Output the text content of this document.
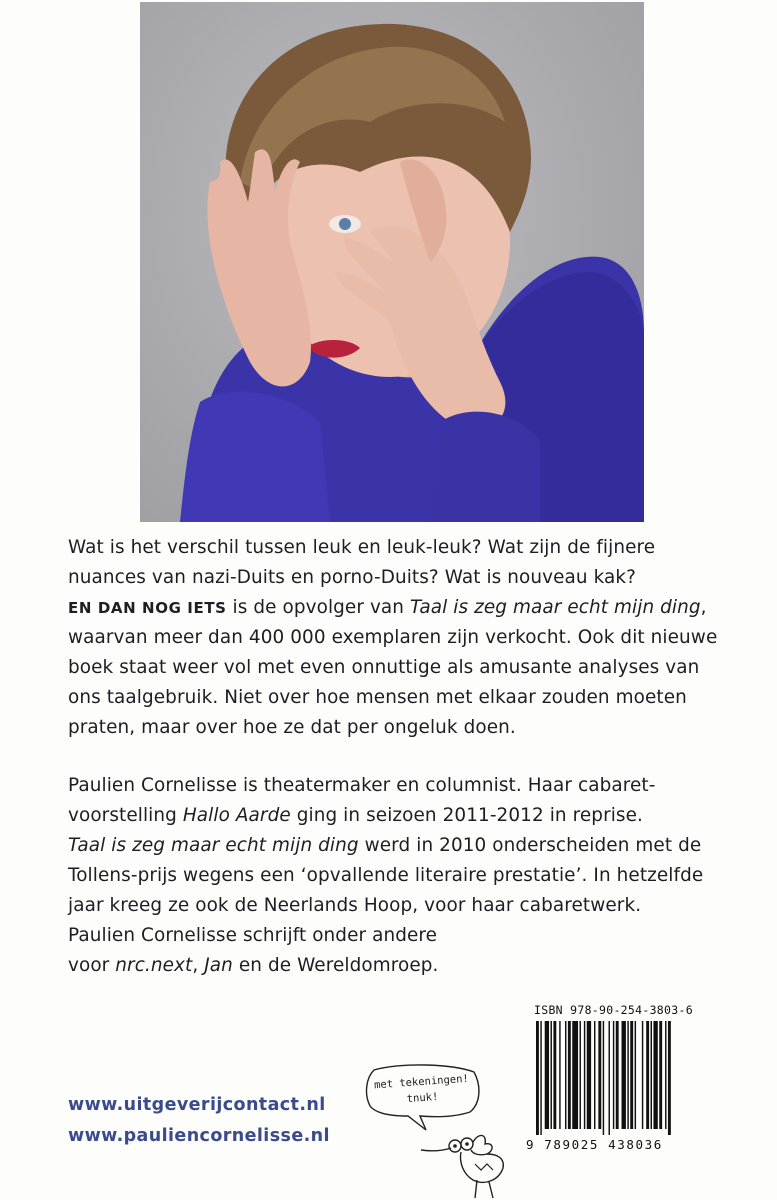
Wat is het verschil tussen leuk en leuk-leuk? Wat zijn de fijnere nuances van nazi-Duits en porno-Duits? Wat is nouveau kak?
EN DAN NOG IETS is de opvolger van Taal is zeg maar echt mijn ding, waarvan meer dan 400 000 exemplaren zijn verkocht. Ook dit nieuwe boek staat weer vol met even onnuttige als amusante analyses van ons taalgebruik. Niet over hoe mensen met elkaar zouden moeten praten, maar over hoe ze dat per ongeluk doen.

Paulien Cornelisse is theatermaker en columnist. Haar cabaret-voorstelling Hallo Aarde ging in seizoen 2011-2012 in reprise.
Taal is zeg maar echt mijn ding werd in 2010 onderscheiden met de Tollens-prijs wegens een ‘opvallende literaire prestatie’. In hetzelfde jaar kreeg ze ook de Neerlands Hoop, voor haar cabaretwerk.

Paulien Cornelisse schrijft onder andere
voor nrc.next, Jan en de Wereldomroep.

www.uitgeverijcontact.nl
www.pauliencornelisse.nl
met tekeningen!
tnuk!
ISBN 978-90-254-3803-6
9 789025 438036
